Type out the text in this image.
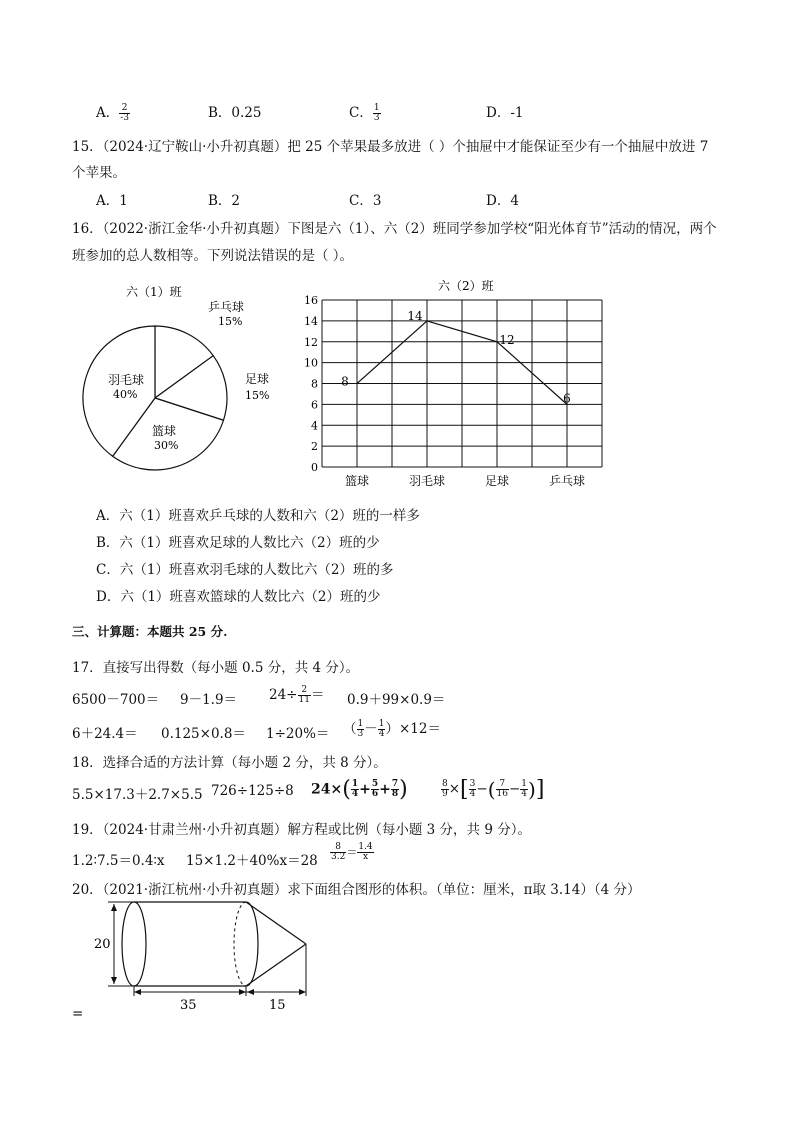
A． $\frac{2}{-3}$	B．0.25	C． $\frac{1}{3}$	D．-1
15．（2024·辽宁鞍山·小升初真题）把 25 个苹果最多放进（ ）个抽屉中才能保证至少有一个抽屉中放进 7
个苹果。
A．1	B．2	C．3	D．4
16．（2022·浙江金华·小升初真题）下图是六（1）、六（2）班同学参加学校“阳光体育节”活动的情况，两个
班参加的总人数相等。下列说法错误的是（ ）。
六（1）班
乒乓球
15%
足球
15%
篮球
30%
羽毛球
40%
六（2）班
0
2
4
6
8
10
12
14
16
篮球	羽毛球	足球	乒乓球
8
14
12
6
A．六（1）班喜欢乒乓球的人数和六（2）班的一样多
B．六（1）班喜欢足球的人数比六（2）班的少
C．六（1）班喜欢羽毛球的人数比六（2）班的多
D．六（1）班喜欢篮球的人数比六（2）班的少
三、计算题：本题共 25 分.
17．直接写出得数（每小题 0.5 分，共 4 分）。
$6500-700= 9-1.9= 24\div \frac{2}{11} = 0.9+99\times 0.9=$
6＋24.4＝ 0.125×0.8＝ 1÷20%＝ （ $\frac{1}{3} - \frac{1}{4} )\times 12=$
18．选择合适的方法计算（每小题 2 分，共 8 分）。
5.5×17.3＋2.7×5.5 726÷125÷8 $24\times( \frac{1}{4} + \frac{5}{6} + \frac{7}{8}$ )	$\frac{8}{9}$ ×[ $\frac{3}{4}$ −( $\frac{7}{16} - \frac{1}{4}$ )]
19．（2024·甘肃兰州·小升初真题）解方程或比例（每小题 3 分，共 9 分）。
1.2∶7.5＝0.4∶x $15\times 1.2+40\%x=28 \frac{8}{3.2} = \frac{1.4}{x}$
20．（2021·浙江杭州·小升初真题）求下面组合图形的体积。（单位：厘米，π取 3.14）（4 分）
20
35	15
=
